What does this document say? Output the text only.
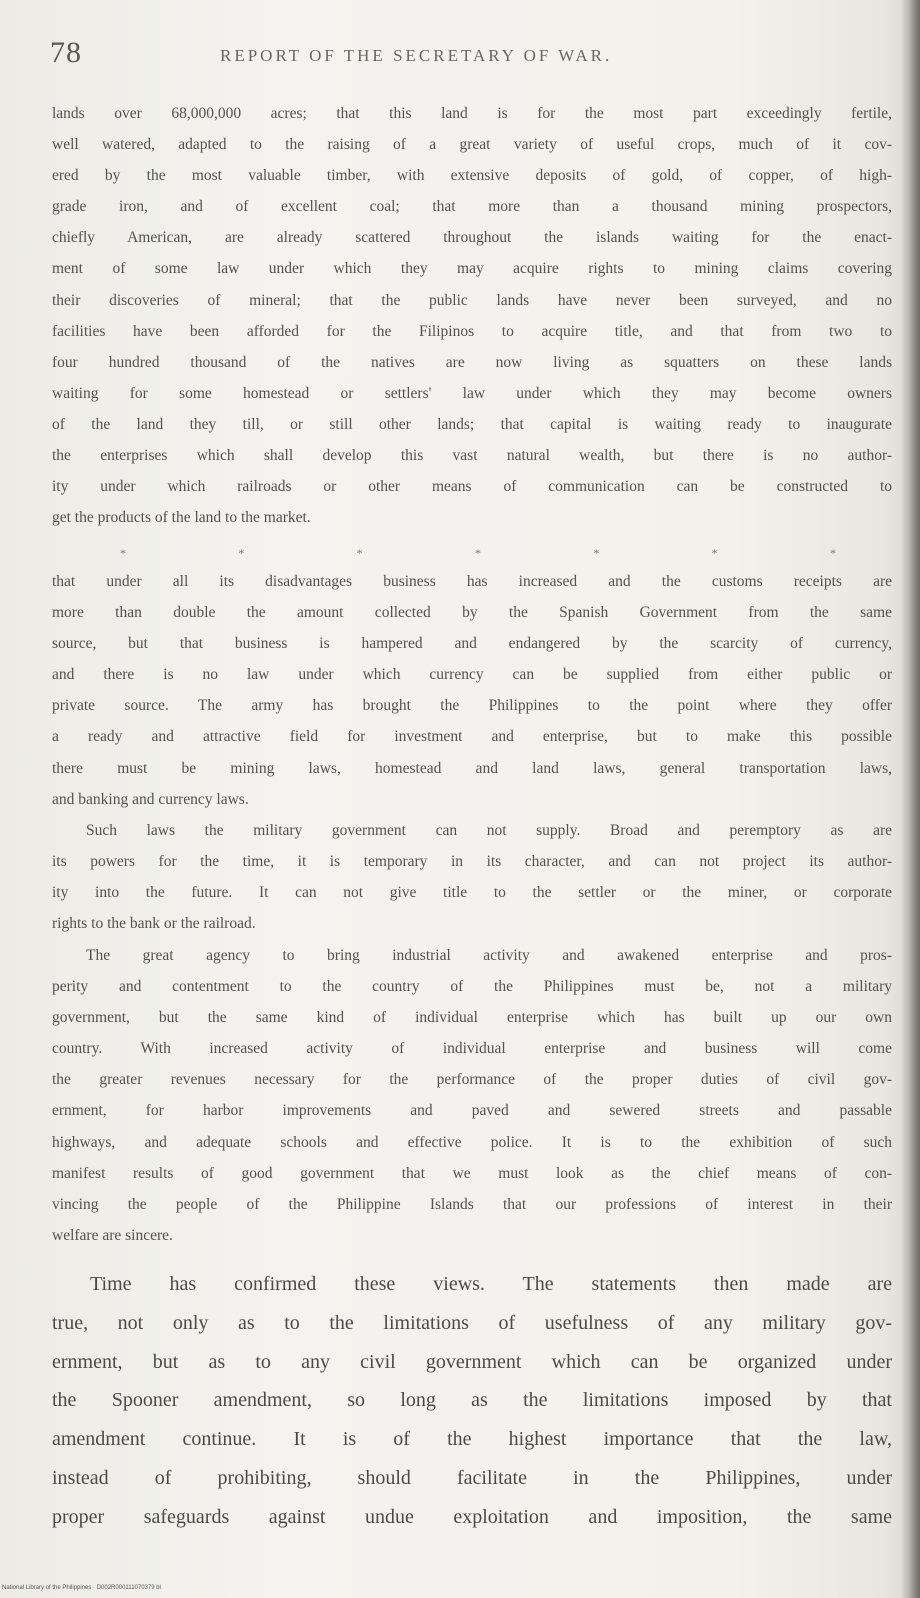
78	REPORT OF THE SECRETARY OF WAR.
lands over 68,000,000 acres; that this land is for the most part exceedingly fertile,
well watered, adapted to the raising of a great variety of useful crops, much of it cov-
ered by the most valuable timber, with extensive deposits of gold, of copper, of high-
grade iron, and of excellent coal; that more than a thousand mining prospectors,
chiefly American, are already scattered throughout the islands waiting for the enact-
ment of some law under which they may acquire rights to mining claims covering
their discoveries of mineral; that the public lands have never been surveyed, and no
facilities have been afforded for the Filipinos to acquire title, and that from two to
four hundred thousand of the natives are now living as squatters on these lands
waiting for some homestead or settlers' law under which they may become owners
of the land they till, or still other lands; that capital is waiting ready to inaugurate
the enterprises which shall develop this vast natural wealth, but there is no author-
ity under which railroads or other means of communication can be constructed to
get the products of the land to the market.
*	*	*	*	*	*	*
that under all its disadvantages business has increased and the customs receipts are
more than double the amount collected by the Spanish Government from the same
source, but that business is hampered and endangered by the scarcity of currency,
and there is no law under which currency can be supplied from either public or
private source. The army has brought the Philippines to the point where they offer
a ready and attractive field for investment and enterprise, but to make this possible
there must be mining laws, homestead and land laws, general transportation laws,
and banking and currency laws.
Such laws the military government can not supply. Broad and peremptory as are
its powers for the time, it is temporary in its character, and can not project its author-
ity into the future. It can not give title to the settler or the miner, or corporate
rights to the bank or the railroad.
The great agency to bring industrial activity and awakened enterprise and pros-
perity and contentment to the country of the Philippines must be, not a military
government, but the same kind of individual enterprise which has built up our own
country. With increased activity of individual enterprise and business will come
the greater revenues necessary for the performance of the proper duties of civil gov-
ernment, for harbor improvements and paved and sewered streets and passable
highways, and adequate schools and effective police. It is to the exhibition of such
manifest results of good government that we must look as the chief means of con-
vincing the people of the Philippine Islands that our professions of interest in their
welfare are sincere.
Time has confirmed these views. The statements then made are
true, not only as to the limitations of usefulness of any military gov-
ernment, but as to any civil government which can be organized under
the Spooner amendment, so long as the limitations imposed by that
amendment continue. It is of the highest importance that the law,
instead of prohibiting, should facilitate in the Philippines, under
proper safeguards against undue exploitation and imposition, the same
National Library of the Philippines · D002R000111070379 bl
